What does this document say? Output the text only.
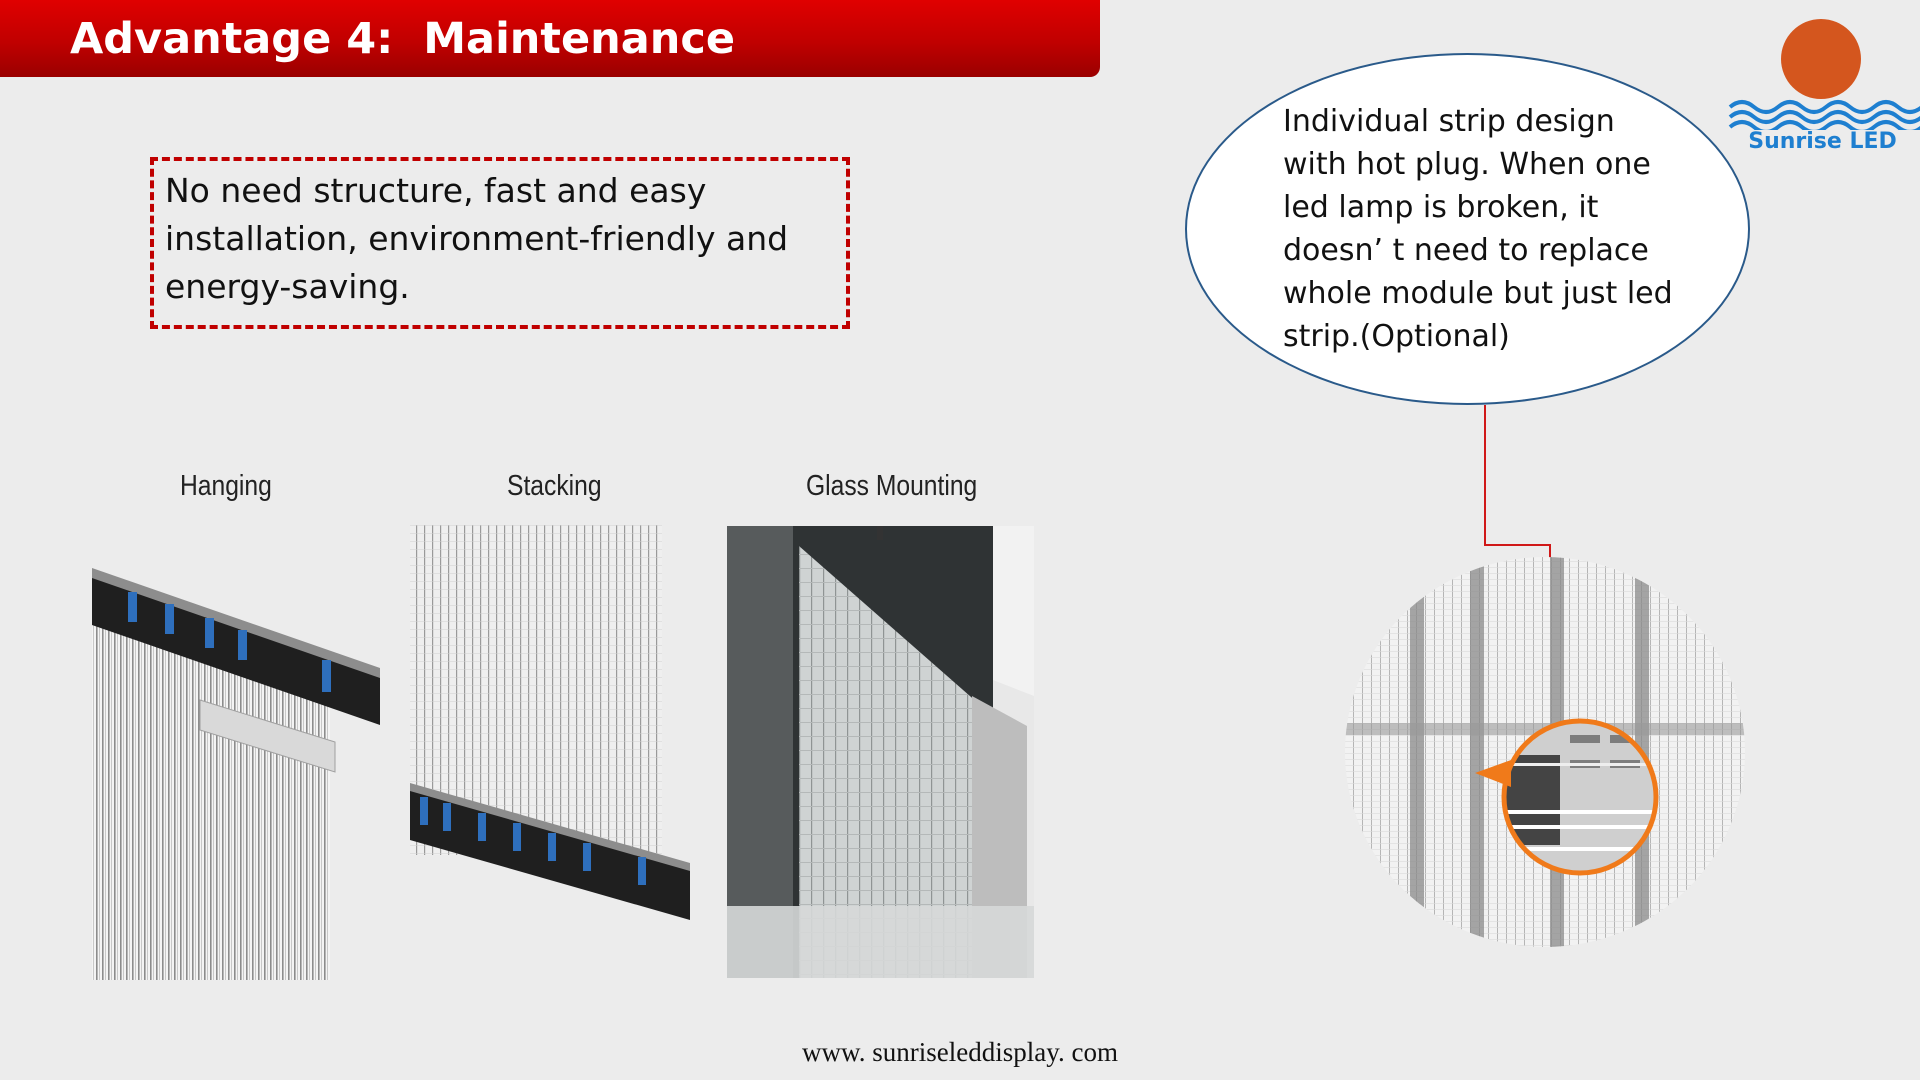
Advantage 4:  Maintenance
Sunrise LED
No need structure, fast and easy installation, environment-friendly and energy-saving.
Individual strip design with hot plug. When one led lamp is broken, it doesn’ t need to replace whole module but just led strip.(Optional)
Hanging	Stacking	Glass Mounting
www. sunriseleddisplay. com
